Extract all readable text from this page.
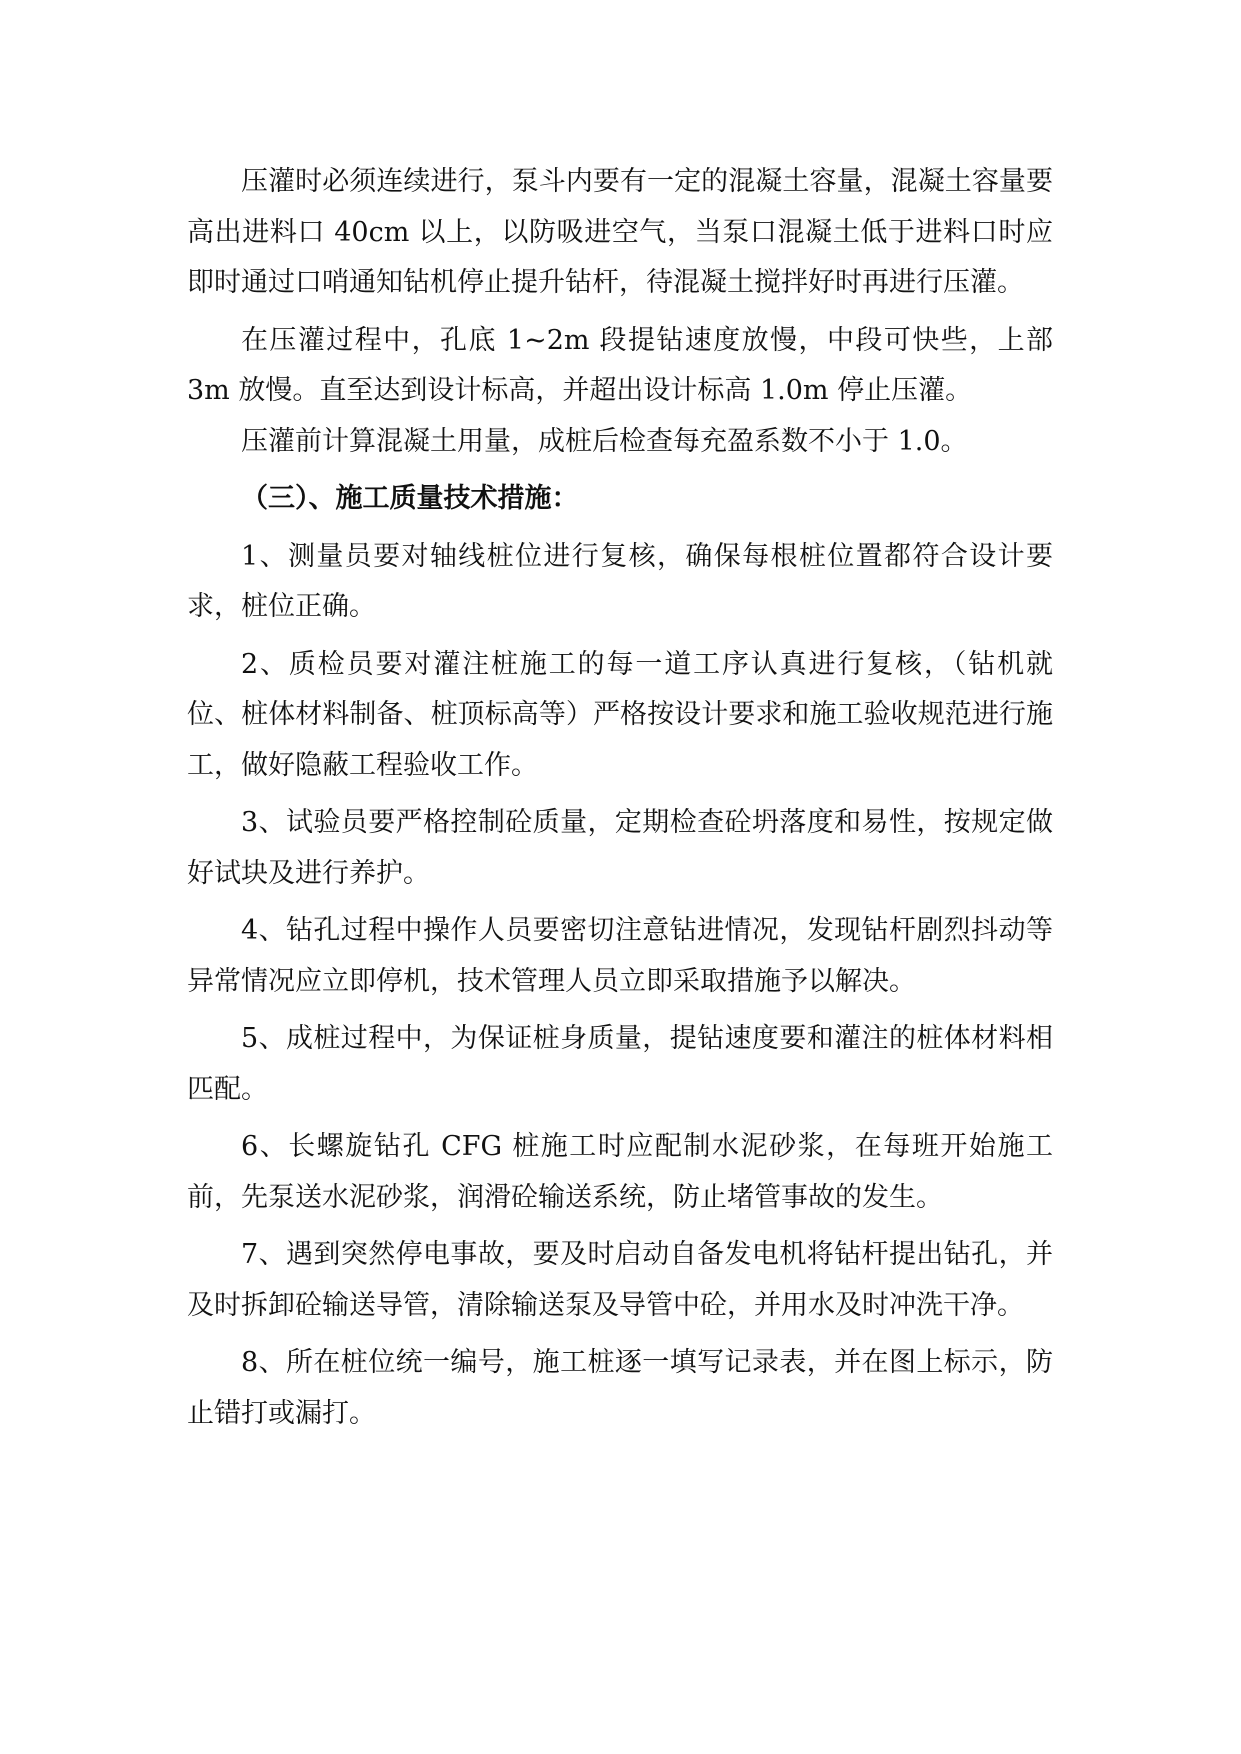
压灌时必须连续进行，泵斗内要有一定的混凝土容量，混凝土容量要高出进料口 40cm 以上，以防吸进空气，当泵口混凝土低于进料口时应即时通过口哨通知钻机停止提升钻杆，待混凝土搅拌好时再进行压灌。

在压灌过程中，孔底 1~2m 段提钻速度放慢，中段可快些，上部 3m 放慢。直至达到设计标高，并超出设计标高 1.0m 停止压灌。

压灌前计算混凝土用量，成桩后检查每充盈系数不小于 1.0。

（三）、施工质量技术措施：

1、测量员要对轴线桩位进行复核，确保每根桩位置都符合设计要求，桩位正确。

2、质检员要对灌注桩施工的每一道工序认真进行复核，（钻机就位、桩体材料制备、桩顶标高等）严格按设计要求和施工验收规范进行施工，做好隐蔽工程验收工作。

3、试验员要严格控制砼质量，定期检查砼坍落度和易性，按规定做好试块及进行养护。

4、钻孔过程中操作人员要密切注意钻进情况，发现钻杆剧烈抖动等异常情况应立即停机，技术管理人员立即采取措施予以解决。

5、成桩过程中，为保证桩身质量，提钻速度要和灌注的桩体材料相匹配。

6、长螺旋钻孔 CFG 桩施工时应配制水泥砂浆，在每班开始施工前，先泵送水泥砂浆，润滑砼输送系统，防止堵管事故的发生。

7、遇到突然停电事故，要及时启动自备发电机将钻杆提出钻孔，并及时拆卸砼输送导管，清除输送泵及导管中砼，并用水及时冲洗干净。

8、所在桩位统一编号，施工桩逐一填写记录表，并在图上标示，防止错打或漏打。
